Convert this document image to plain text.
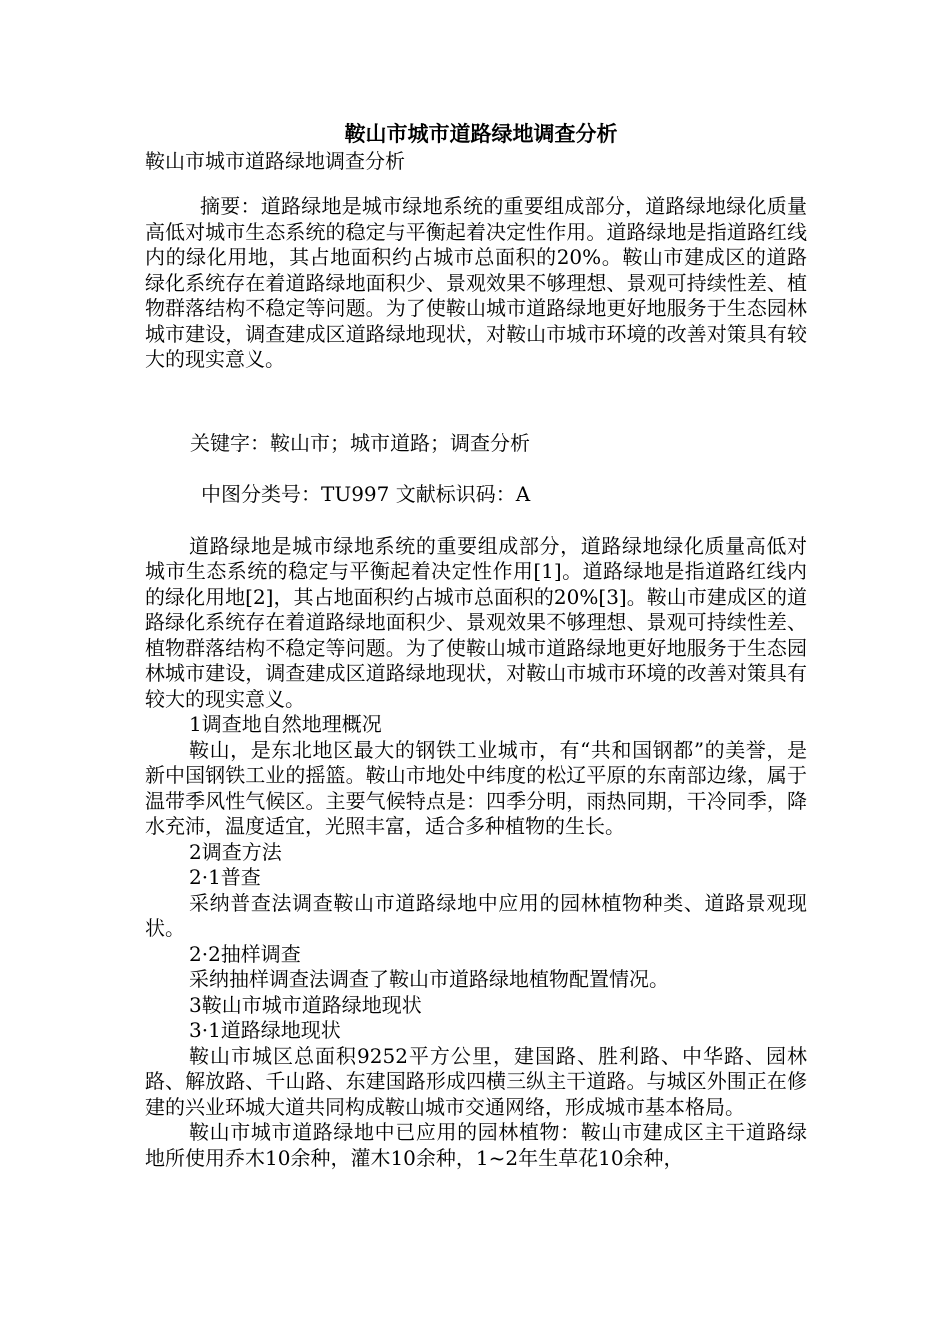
鞍山市城市道路绿地调查分析
鞍山市城市道路绿地调查分析

摘要：道路绿地是城市绿地系统的重要组成部分，道路绿地绿化质量高低对城市生态系统的稳定与平衡起着决定性作用。道路绿地是指道路红线内的绿化用地，其占地面积约占城市总面积的20%。鞍山市建成区的道路绿化系统存在着道路绿地面积少、景观效果不够理想、景观可持续性差、植物群落结构不稳定等问题。为了使鞍山城市道路绿地更好地服务于生态园林城市建设，调查建成区道路绿地现状，对鞍山市城市环境的改善对策具有较大的现实意义。

关键字：鞍山市；城市道路；调查分析

中图分类号：TU997 文献标识码：A

道路绿地是城市绿地系统的重要组成部分，道路绿地绿化质量高低对城市生态系统的稳定与平衡起着决定性作用[1]。道路绿地是指道路红线内的绿化用地[2]，其占地面积约占城市总面积的20%[3]。鞍山市建成区的道路绿化系统存在着道路绿地面积少、景观效果不够理想、景观可持续性差、植物群落结构不稳定等问题。为了使鞍山城市道路绿地更好地服务于生态园林城市建设，调查建成区道路绿地现状，对鞍山市城市环境的改善对策具有较大的现实意义。

1调查地自然地理概况

鞍山，是东北地区最大的钢铁工业城市，有“共和国钢都”的美誉，是新中国钢铁工业的摇篮。鞍山市地处中纬度的松辽平原的东南部边缘，属于温带季风性气候区。主要气候特点是：四季分明，雨热同期，干冷同季，降水充沛，温度适宜，光照丰富，适合多种植物的生长。

2调查方法

2·1普查

采纳普查法调查鞍山市道路绿地中应用的园林植物种类、道路景观现状。

2·2抽样调查

采纳抽样调查法调查了鞍山市道路绿地植物配置情况。

3鞍山市城市道路绿地现状

3·1道路绿地现状

鞍山市城区总面积9252平方公里，建国路、胜利路、中华路、园林路、解放路、千山路、东建国路形成四横三纵主干道路。与城区外围正在修建的兴业环城大道共同构成鞍山城市交通网络，形成城市基本格局。

鞍山市城市道路绿地中已应用的园林植物：鞍山市建成区主干道路绿地所使用乔木10余种，灌木10余种，1~2年生草花10余种，
